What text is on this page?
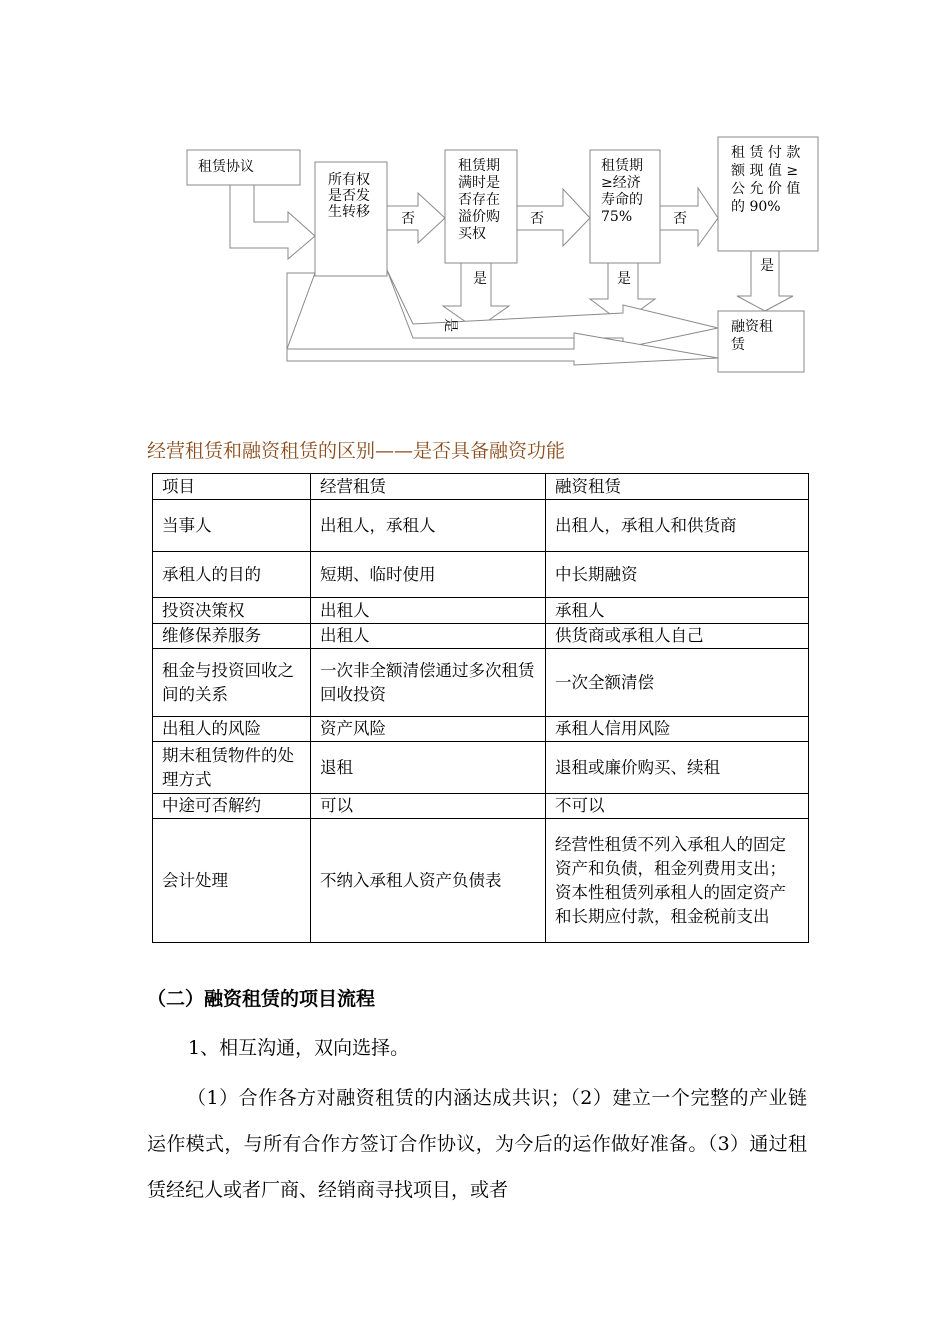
租赁协议
所有权 是否发 生转移
租赁期 满时是 否存在 溢价购 买权
租赁期 ≥经济 寿命的 75%
租 赁 付 款 额 现 值 ≥ 公 允 价 值 的 90%
融资租 赁
否	否	否
是	是
是
是
经营租赁和融资租赁的区别——是否具备融资功能
项目	经营租赁	融资租赁
当事人	出租人，承租人	出租人，承租人和供货商
承租人的目的	短期、临时使用	中长期融资
投资决策权	出租人	承租人
维修保养服务	出租人	供货商或承租人自己
租金与投资回收之间的关系	一次非全额清偿通过多次租赁回收投资	一次全额清偿
出租人的风险	资产风险	承租人信用风险
期末租赁物件的处理方式	退租	退租或廉价购买、续租
中途可否解约	可以	不可以
会计处理	不纳入承租人资产负债表	经营性租赁不列入承租人的固定资产和负债，租金列费用支出；资本性租赁列承租人的固定资产和长期应付款，租金税前支出
（二）融资租赁的项目流程

1、相互沟通，双向选择。

（1）合作各方对融资租赁的内涵达成共识；（2）建立一个完整的产业链运作模式，与所有合作方签订合作协议，为今后的运作做好准备。（3）通过租赁经纪人或者厂商、经销商寻找项目，或者
